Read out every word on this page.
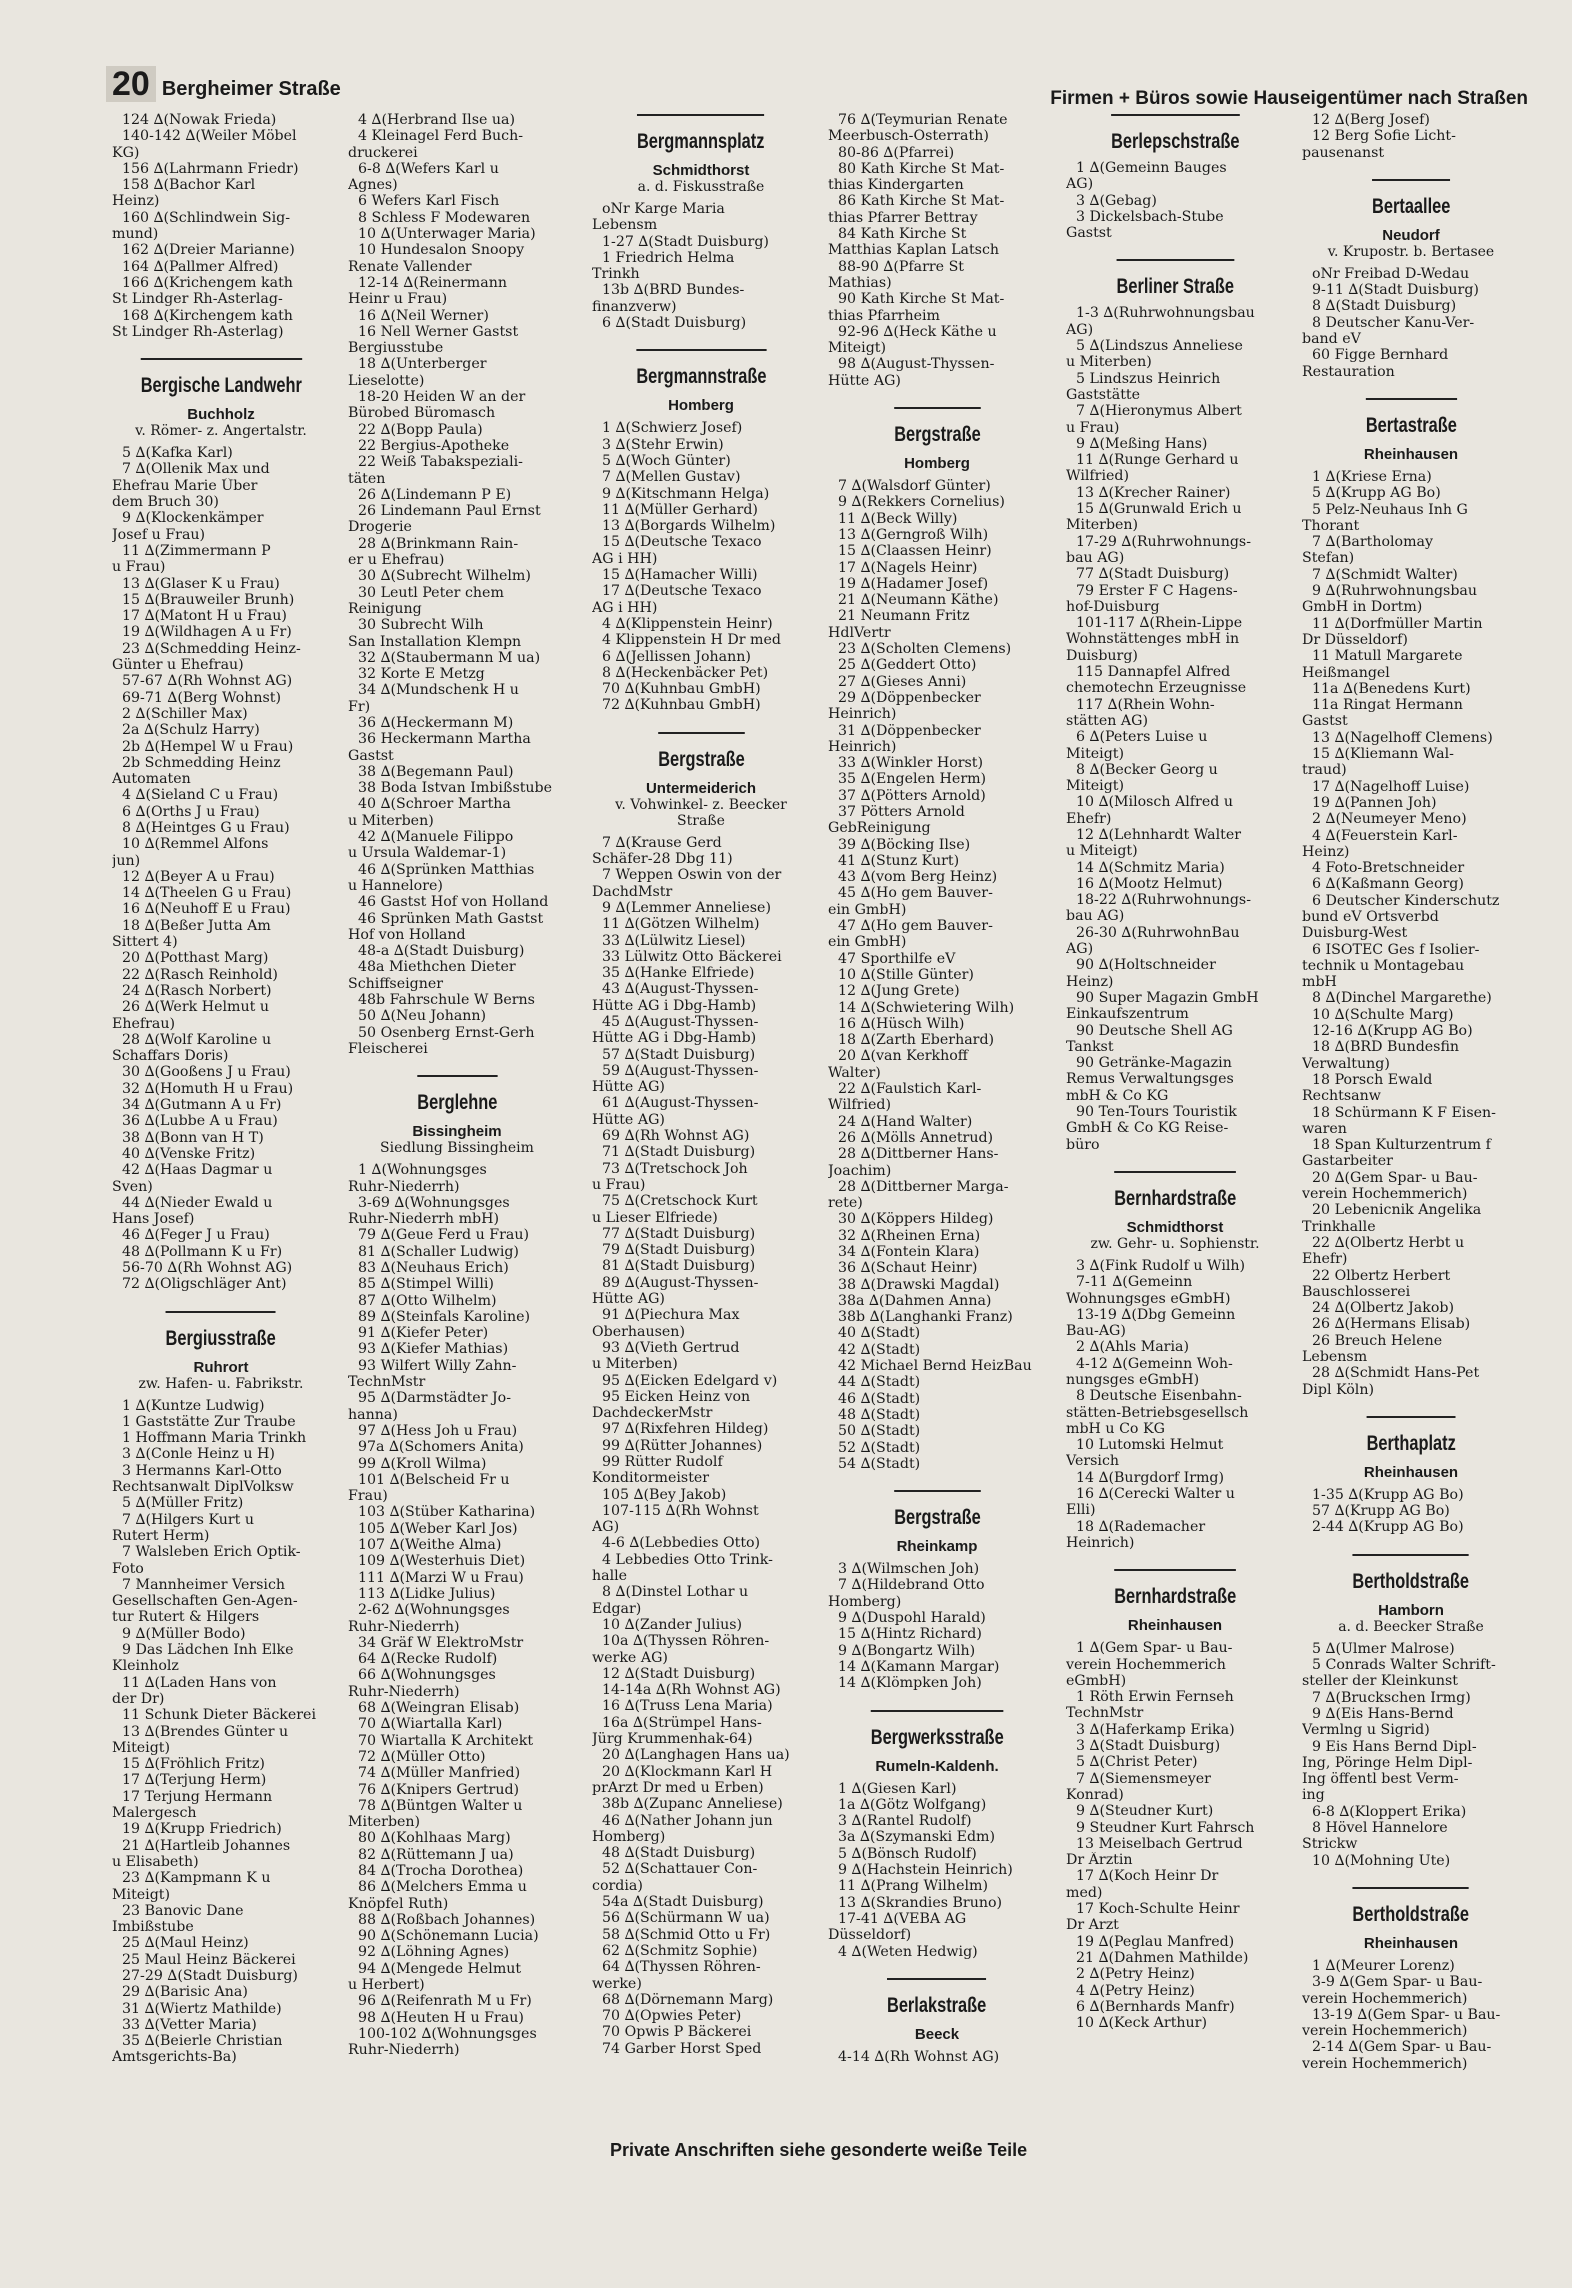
20 Bergheimer Straße	Firmen + Büros sowie Hauseigentümer nach Straßen
124 ∆(Nowak Frieda)
140-142 ∆(Weiler Möbel
KG)
156 ∆(Lahrmann Friedr)
158 ∆(Bachor Karl
Heinz)
160 ∆(Schlindwein Sig-
mund)
162 ∆(Dreier Marianne)
164 ∆(Pallmer Alfred)
166 ∆(Krichengem kath
St Lindger Rh-Asterlag-
168 ∆(Kirchengem kath
St Lindger Rh-Asterlag)
Bergische Landwehr
Buchholz
v. Römer- z. Angertalstr.
5 ∆(Kafka Karl)
7 ∆(Ollenik Max und
Ehefrau Marie Über
dem Bruch 30)
9 ∆(Klockenkämper
Josef u Frau)
11 ∆(Zimmermann P
u Frau)
13 ∆(Glaser K u Frau)
15 ∆(Brauweiler Brunh)
17 ∆(Matont H u Frau)
19 ∆(Wildhagen A u Fr)
23 ∆(Schmedding Heinz-
Günter u Ehefrau)
57-67 ∆(Rh Wohnst AG)
69-71 ∆(Berg Wohnst)
2 ∆(Schiller Max)
2a ∆(Schulz Harry)
2b ∆(Hempel W u Frau)
2b Schmedding Heinz
Automaten
4 ∆(Sieland C u Frau)
6 ∆(Orths J u Frau)
8 ∆(Heintges G u Frau)
10 ∆(Remmel Alfons
jun)
12 ∆(Beyer A u Frau)
14 ∆(Theelen G u Frau)
16 ∆(Neuhoff E u Frau)
18 ∆(Beßer Jutta Am
Sittert 4)
20 ∆(Potthast Marg)
22 ∆(Rasch Reinhold)
24 ∆(Rasch Norbert)
26 ∆(Werk Helmut u
Ehefrau)
28 ∆(Wolf Karoline u
Schaffars Doris)
30 ∆(Gooßens J u Frau)
32 ∆(Homuth H u Frau)
34 ∆(Gutmann A u Fr)
36 ∆(Lubbe A u Frau)
38 ∆(Bonn van H T)
40 ∆(Venske Fritz)
42 ∆(Haas Dagmar u
Sven)
44 ∆(Nieder Ewald u
Hans Josef)
46 ∆(Feger J u Frau)
48 ∆(Pollmann K u Fr)
56-70 ∆(Rh Wohnst AG)
72 ∆(Oligschläger Ant)
Bergiusstraße
Ruhrort
zw. Hafen- u. Fabrikstr.
1 ∆(Kuntze Ludwig)
1 Gaststätte Zur Traube
1 Hoffmann Maria Trinkh
3 ∆(Conle Heinz u H)
3 Hermanns Karl-Otto
Rechtsanwalt DiplVolksw
5 ∆(Müller Fritz)
7 ∆(Hilgers Kurt u
Rutert Herm)
7 Walsleben Erich Optik-
Foto
7 Mannheimer Versich
Gesellschaften Gen-Agen-
tur Rutert & Hilgers
9 ∆(Müller Bodo)
9 Das Lädchen Inh Elke
Kleinholz
11 ∆(Laden Hans von
der Dr)
11 Schunk Dieter Bäckerei
13 ∆(Brendes Günter u
Miteigt)
15 ∆(Fröhlich Fritz)
17 ∆(Terjung Herm)
17 Terjung Hermann
Malergesch
19 ∆(Krupp Friedrich)
21 ∆(Hartleib Johannes
u Elisabeth)
23 ∆(Kampmann K u
Miteigt)
23 Banovic Dane
Imbißstube
25 ∆(Maul Heinz)
25 Maul Heinz Bäckerei
27-29 ∆(Stadt Duisburg)
29 ∆(Barisic Ana)
31 ∆(Wiertz Mathilde)
33 ∆(Vetter Maria)
35 ∆(Beierle Christian
Amtsgerichts-Ba)
4 ∆(Herbrand Ilse ua)
4 Kleinagel Ferd Buch-
druckerei
6-8 ∆(Wefers Karl u
Agnes)
6 Wefers Karl Fisch
8 Schless F Modewaren
10 ∆(Unterwager Maria)
10 Hundesalon Snoopy
Renate Vallender
12-14 ∆(Reinermann
Heinr u Frau)
16 ∆(Neil Werner)
16 Nell Werner Gastst
Bergiusstube
18 ∆(Unterberger
Lieselotte)
18-20 Heiden W an der
Bürobed Büromasch
22 ∆(Bopp Paula)
22 Bergius-Apotheke
22 Weiß Tabakspeziali-
täten
26 ∆(Lindemann P E)
26 Lindemann Paul Ernst
Drogerie
28 ∆(Brinkmann Rain-
er u Ehefrau)
30 ∆(Subrecht Wilhelm)
30 Leutl Peter chem
Reinigung
30 Subrecht Wilh
San Installation Klempn
32 ∆(Staubermann M ua)
32 Korte E Metzg
34 ∆(Mundschenk H u
Fr)
36 ∆(Heckermann M)
36 Heckermann Martha
Gastst
38 ∆(Begemann Paul)
38 Boda Istvan Imbißstube
40 ∆(Schroer Martha
u Miterben)
42 ∆(Manuele Filippo
u Ursula Waldemar-1)
46 ∆(Sprünken Matthias
u Hannelore)
46 Gastst Hof von Holland
46 Sprünken Math Gastst
Hof von Holland
48-a ∆(Stadt Duisburg)
48a Miethchen Dieter
Schiffseigner
48b Fahrschule W Berns
50 ∆(Neu Johann)
50 Osenberg Ernst-Gerh
Fleischerei
Berglehne
Bissingheim
Siedlung Bissingheim
1 ∆(Wohnungsges
Ruhr-Niederrh)
3-69 ∆(Wohnungsges
Ruhr-Niederrh mbH)
79 ∆(Geue Ferd u Frau)
81 ∆(Schaller Ludwig)
83 ∆(Neuhaus Erich)
85 ∆(Stimpel Willi)
87 ∆(Otto Wilhelm)
89 ∆(Steinfals Karoline)
91 ∆(Kiefer Peter)
93 ∆(Kiefer Mathias)
93 Wilfert Willy Zahn-
TechnMstr
95 ∆(Darmstädter Jo-
hanna)
97 ∆(Hess Joh u Frau)
97a ∆(Schomers Anita)
99 ∆(Kroll Wilma)
101 ∆(Belscheid Fr u
Frau)
103 ∆(Stüber Katharina)
105 ∆(Weber Karl Jos)
107 ∆(Weithe Alma)
109 ∆(Westerhuis Diet)
111 ∆(Marzi W u Frau)
113 ∆(Lidke Julius)
2-62 ∆(Wohnungsges
Ruhr-Niederrh)
34 Gräf W ElektroMstr
64 ∆(Recke Rudolf)
66 ∆(Wohnungsges
Ruhr-Niederrh)
68 ∆(Weingran Elisab)
70 ∆(Wiartalla Karl)
70 Wiartalla K Architekt
72 ∆(Müller Otto)
74 ∆(Müller Manfried)
76 ∆(Knipers Gertrud)
78 ∆(Büntgen Walter u
Miterben)
80 ∆(Kohlhaas Marg)
82 ∆(Rüttemann J ua)
84 ∆(Trocha Dorothea)
86 ∆(Melchers Emma u
Knöpfel Ruth)
88 ∆(Roßbach Johannes)
90 ∆(Schönemann Lucia)
92 ∆(Löhning Agnes)
94 ∆(Mengede Helmut
u Herbert)
96 ∆(Reifenrath M u Fr)
98 ∆(Heuten H u Frau)
100-102 ∆(Wohnungsges
Ruhr-Niederrh)
Bergmannsplatz
Schmidthorst
a. d. Fiskusstraße
oNr Karge Maria
Lebensm
1-27 ∆(Stadt Duisburg)
1 Friedrich Helma
Trinkh
13b ∆(BRD Bundes-
finanzverw)
6 ∆(Stadt Duisburg)
Bergmannstraße
Homberg
1 ∆(Schwierz Josef)
3 ∆(Stehr Erwin)
5 ∆(Woch Günter)
7 ∆(Mellen Gustav)
9 ∆(Kitschmann Helga)
11 ∆(Müller Gerhard)
13 ∆(Borgards Wilhelm)
15 ∆(Deutsche Texaco
AG i HH)
15 ∆(Hamacher Willi)
17 ∆(Deutsche Texaco
AG i HH)
4 ∆(Klippenstein Heinr)
4 Klippenstein H Dr med
6 ∆(Jellissen Johann)
8 ∆(Heckenbäcker Pet)
70 ∆(Kuhnbau GmbH)
72 ∆(Kuhnbau GmbH)
Bergstraße
Untermeiderich
v. Vohwinkel- z. Beecker Straße
7 ∆(Krause Gerd
Schäfer-28 Dbg 11)
7 Weppen Oswin von der
DachdMstr
9 ∆(Lemmer Anneliese)
11 ∆(Götzen Wilhelm)
33 ∆(Lülwitz Liesel)
33 Lülwitz Otto Bäckerei
35 ∆(Hanke Elfriede)
43 ∆(August-Thyssen-
Hütte AG i Dbg-Hamb)
45 ∆(August-Thyssen-
Hütte AG i Dbg-Hamb)
57 ∆(Stadt Duisburg)
59 ∆(August-Thyssen-
Hütte AG)
61 ∆(August-Thyssen-
Hütte AG)
69 ∆(Rh Wohnst AG)
71 ∆(Stadt Duisburg)
73 ∆(Tretschock Joh
u Frau)
75 ∆(Cretschock Kurt
u Lieser Elfriede)
77 ∆(Stadt Duisburg)
79 ∆(Stadt Duisburg)
81 ∆(Stadt Duisburg)
89 ∆(August-Thyssen-
Hütte AG)
91 ∆(Piechura Max
Oberhausen)
93 ∆(Vieth Gertrud
u Miterben)
95 ∆(Eicken Edelgard v)
95 Eicken Heinz von
DachdeckerMstr
97 ∆(Rixfehren Hildeg)
99 ∆(Rütter Johannes)
99 Rütter Rudolf
Konditormeister
105 ∆(Bey Jakob)
107-115 ∆(Rh Wohnst
AG)
4-6 ∆(Lebbedies Otto)
4 Lebbedies Otto Trink-
halle
8 ∆(Dinstel Lothar u
Edgar)
10 ∆(Zander Julius)
10a ∆(Thyssen Röhren-
werke AG)
12 ∆(Stadt Duisburg)
14-14a ∆(Rh Wohnst AG)
16 ∆(Truss Lena Maria)
16a ∆(Strümpel Hans-
Jürg Krummenhak-64)
20 ∆(Langhagen Hans ua)
20 ∆(Klockmann Karl H
prArzt Dr med u Erben)
38b ∆(Zupanc Anneliese)
46 ∆(Nather Johann jun
Homberg)
48 ∆(Stadt Duisburg)
52 ∆(Schattauer Con-
cordia)
54a ∆(Stadt Duisburg)
56 ∆(Schürmann W ua)
58 ∆(Schmid Otto u Fr)
62 ∆(Schmitz Sophie)
64 ∆(Thyssen Röhren-
werke)
68 ∆(Dörnemann Marg)
70 ∆(Opwies Peter)
70 Opwis P Bäckerei
74 Garber Horst Sped
76 ∆(Teymurian Renate
Meerbusch-Osterrath)
80-86 ∆(Pfarrei)
80 Kath Kirche St Mat-
thias Kindergarten
86 Kath Kirche St Mat-
thias Pfarrer Bettray
84 Kath Kirche St
Matthias Kaplan Latsch
88-90 ∆(Pfarre St
Mathias)
90 Kath Kirche St Mat-
thias Pfarrheim
92-96 ∆(Heck Käthe u
Miteigt)
98 ∆(August-Thyssen-
Hütte AG)
Bergstraße
Homberg
7 ∆(Walsdorf Günter)
9 ∆(Rekkers Cornelius)
11 ∆(Beck Willy)
13 ∆(Gerngroß Wilh)
15 ∆(Claassen Heinr)
17 ∆(Nagels Heinr)
19 ∆(Hadamer Josef)
21 ∆(Neumann Käthe)
21 Neumann Fritz
HdlVertr
23 ∆(Scholten Clemens)
25 ∆(Geddert Otto)
27 ∆(Gieses Anni)
29 ∆(Döppenbecker
Heinrich)
31 ∆(Döppenbecker
Heinrich)
33 ∆(Winkler Horst)
35 ∆(Engelen Herm)
37 ∆(Pötters Arnold)
37 Pötters Arnold
GebReinigung
39 ∆(Böcking Ilse)
41 ∆(Stunz Kurt)
43 ∆(vom Berg Heinz)
45 ∆(Ho gem Bauver-
ein GmbH)
47 ∆(Ho gem Bauver-
ein GmbH)
47 Sporthilfe eV
10 ∆(Stille Günter)
12 ∆(Jung Grete)
14 ∆(Schwietering Wilh)
16 ∆(Hüsch Wilh)
18 ∆(Zarth Eberhard)
20 ∆(van Kerkhoff
Walter)
22 ∆(Faulstich Karl-
Wilfried)
24 ∆(Hand Walter)
26 ∆(Mölls Annetrud)
28 ∆(Dittberner Hans-
Joachim)
28 ∆(Dittberner Marga-
rete)
30 ∆(Köppers Hildeg)
32 ∆(Rheinen Erna)
34 ∆(Fontein Klara)
36 ∆(Schaut Heinr)
38 ∆(Drawski Magdal)
38a ∆(Dahmen Anna)
38b ∆(Langhanki Franz)
40 ∆(Stadt)
42 ∆(Stadt)
42 Michael Bernd HeizBau
44 ∆(Stadt)
46 ∆(Stadt)
48 ∆(Stadt)
50 ∆(Stadt)
52 ∆(Stadt)
54 ∆(Stadt)
Bergstraße
Rheinkamp
3 ∆(Wilmschen Joh)
7 ∆(Hildebrand Otto
Homberg)
9 ∆(Duspohl Harald)
15 ∆(Hintz Richard)
9 ∆(Bongartz Wilh)
14 ∆(Kamann Margar)
14 ∆(Klömpken Joh)
Bergwerksstraße
Rumeln-Kaldenh.
1 ∆(Giesen Karl)
1a ∆(Götz Wolfgang)
3 ∆(Rantel Rudolf)
3a ∆(Szymanski Edm)
5 ∆(Bönsch Rudolf)
9 ∆(Hachstein Heinrich)
11 ∆(Prang Wilhelm)
13 ∆(Skrandies Bruno)
17-41 ∆(VEBA AG
Düsseldorf)
4 ∆(Weten Hedwig)
Berlakstraße
Beeck
4-14 ∆(Rh Wohnst AG)
Berlepschstraße
1 ∆(Gemeinn Bauges
AG)
3 ∆(Gebag)
3 Dickelsbach-Stube
Gastst
Berliner Straße
1-3 ∆(Ruhrwohnungsbau
AG)
5 ∆(Lindszus Anneliese
u Miterben)
5 Lindszus Heinrich
Gaststätte
7 ∆(Hieronymus Albert
u Frau)
9 ∆(Meßing Hans)
11 ∆(Runge Gerhard u
Wilfried)
13 ∆(Krecher Rainer)
15 ∆(Grunwald Erich u
Miterben)
17-29 ∆(Ruhrwohnungs-
bau AG)
77 ∆(Stadt Duisburg)
79 Erster F C Hagens-
hof-Duisburg
101-117 ∆(Rhein-Lippe
Wohnstättenges mbH in
Duisburg)
115 Dannapfel Alfred
chemotechn Erzeugnisse
117 ∆(Rhein Wohn-
stätten AG)
6 ∆(Peters Luise u
Miteigt)
8 ∆(Becker Georg u
Miteigt)
10 ∆(Milosch Alfred u
Ehefr)
12 ∆(Lehnhardt Walter
u Miteigt)
14 ∆(Schmitz Maria)
16 ∆(Mootz Helmut)
18-22 ∆(Ruhrwohnungs-
bau AG)
26-30 ∆(RuhrwohnBau
AG)
90 ∆(Holtschneider
Heinz)
90 Super Magazin GmbH
Einkaufszentrum
90 Deutsche Shell AG
Tankst
90 Getränke-Magazin
Remus Verwaltungsges
mbH & Co KG
90 Ten-Tours Touristik
GmbH & Co KG Reise-
büro
Bernhardstraße
Schmidthorst
zw. Gehr- u. Sophienstr.
3 ∆(Fink Rudolf u Wilh)
7-11 ∆(Gemeinn
Wohnungsges eGmbH)
13-19 ∆(Dbg Gemeinn
Bau-AG)
2 ∆(Ahls Maria)
4-12 ∆(Gemeinn Woh-
nungsges eGmbH)
8 Deutsche Eisenbahn-
stätten-Betriebsgesellsch
mbH u Co KG
10 Lutomski Helmut
Versich
14 ∆(Burgdorf Irmg)
16 ∆(Cerecki Walter u
Elli)
18 ∆(Rademacher
Heinrich)
Bernhardstraße
Rheinhausen
1 ∆(Gem Spar- u Bau-
verein Hochemmerich
eGmbH)
1 Röth Erwin Fernseh
TechnMstr
3 ∆(Haferkamp Erika)
3 ∆(Stadt Duisburg)
5 ∆(Christ Peter)
7 ∆(Siemensmeyer
Konrad)
9 ∆(Steudner Kurt)
9 Steudner Kurt Fahrsch
13 Meiselbach Gertrud
Dr Ärztin
17 ∆(Koch Heinr Dr
med)
17 Koch-Schulte Heinr
Dr Arzt
19 ∆(Peglau Manfred)
21 ∆(Dahmen Mathilde)
2 ∆(Petry Heinz)
4 ∆(Petry Heinz)
6 ∆(Bernhards Manfr)
10 ∆(Keck Arthur)
12 ∆(Berg Josef)
12 Berg Sofie Licht-
pausenanst
Bertaallee
Neudorf
v. Krupostr. b. Bertasee
oNr Freibad D-Wedau
9-11 ∆(Stadt Duisburg)
8 ∆(Stadt Duisburg)
8 Deutscher Kanu-Ver-
band eV
60 Figge Bernhard
Restauration
Bertastraße
Rheinhausen
1 ∆(Kriese Erna)
5 ∆(Krupp AG Bo)
5 Pelz-Neuhaus Inh G
Thorant
7 ∆(Bartholomay
Stefan)
7 ∆(Schmidt Walter)
9 ∆(Ruhrwohnungsbau
GmbH in Dortm)
11 ∆(Dorfmüller Martin
Dr Düsseldorf)
11 Matull Margarete
Heißmangel
11a ∆(Benedens Kurt)
11a Ringat Hermann
Gastst
13 ∆(Nagelhoff Clemens)
15 ∆(Kliemann Wal-
traud)
17 ∆(Nagelhoff Luise)
19 ∆(Pannen Joh)
2 ∆(Neumeyer Meno)
4 ∆(Feuerstein Karl-
Heinz)
4 Foto-Bretschneider
6 ∆(Kaßmann Georg)
6 Deutscher Kinderschutz
bund eV Ortsverbd
Duisburg-West
6 ISOTEC Ges f Isolier-
technik u Montagebau
mbH
8 ∆(Dinchel Margarethe)
10 ∆(Schulte Marg)
12-16 ∆(Krupp AG Bo)
18 ∆(BRD Bundesfin
Verwaltung)
18 Porsch Ewald
Rechtsanw
18 Schürmann K F Eisen-
waren
18 Span Kulturzentrum f
Gastarbeiter
20 ∆(Gem Spar- u Bau-
verein Hochemmerich)
20 Lebenicnik Angelika
Trinkhalle
22 ∆(Olbertz Herbt u
Ehefr)
22 Olbertz Herbert
Bauschlosserei
24 ∆(Olbertz Jakob)
26 ∆(Hermans Elisab)
26 Breuch Helene
Lebensm
28 ∆(Schmidt Hans-Pet
Dipl Köln)
Berthaplatz
Rheinhausen
1-35 ∆(Krupp AG Bo)
57 ∆(Krupp AG Bo)
2-44 ∆(Krupp AG Bo)
Bertholdstraße
Hamborn
a. d. Beecker Straße
5 ∆(Ulmer Malrose)
5 Conrads Walter Schrift-
steller der Kleinkunst
7 ∆(Bruckschen Irmg)
9 ∆(Eis Hans-Bernd
Vermlng u Sigrid)
9 Eis Hans Bernd Dipl-
Ing, Pöringe Helm Dipl-
Ing öffentl best Verm-
ing
6-8 ∆(Kloppert Erika)
8 Hövel Hannelore
Strickw
10 ∆(Mohning Ute)
Bertholdstraße
Rheinhausen
1 ∆(Meurer Lorenz)
3-9 ∆(Gem Spar- u Bau-
verein Hochemmerich)
13-19 ∆(Gem Spar- u Bau-
verein Hochemmerich)
2-14 ∆(Gem Spar- u Bau-
verein Hochemmerich)
Private Anschriften siehe gesonderte weiße Teile
